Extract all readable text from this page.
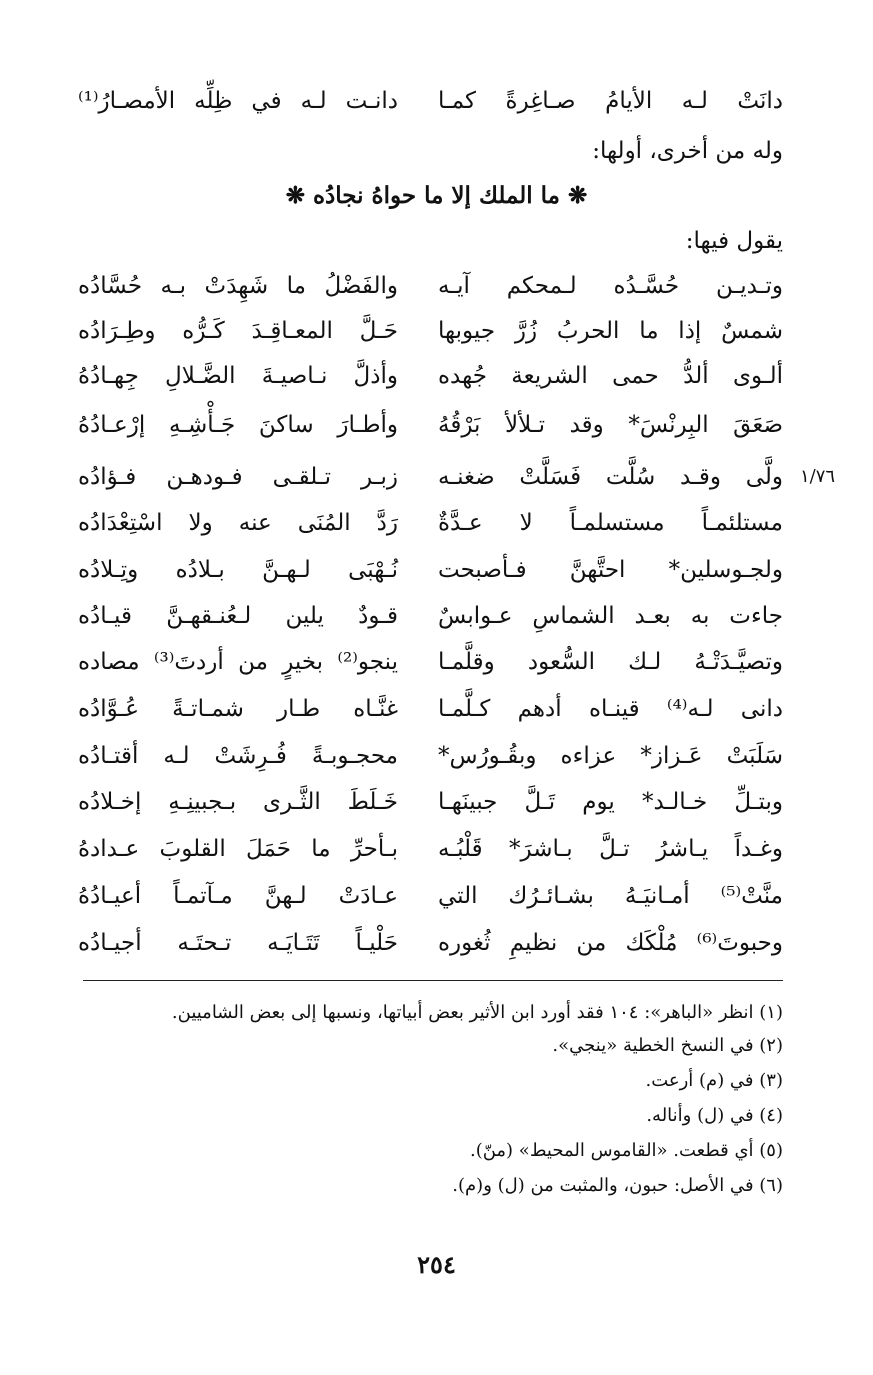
دانَتْ لـه الأيامُ صـاغِرةً كمـا
دانـت لـه في ظِلِّه الأمصـارُ⁽¹⁾
وله من أخرى، أولها:
❋ ما الملك إلا ما حواهُ نجادُه ❋
يقول فيها:
١/٧٦
وتـديـن حُسَّـدُه لـمحكم آيـه
والفَضْلُ ما شَهِدَتْ بـه حُسَّادُه
شمسٌ إذا ما الحربُ زُرَّ جيوبها
حَـلَّ المعـاقِـدَ كَـرُّه وطِـرَادُه
ألـوى ألدُّ حمى الشريعة جُهده
وأذلَّ نـاصيـةَ الضَّـلالِ جِهـادُهُ
صَعَقَ البِرنْسَ* وقد تـلألأ بَرْقُهُ
وأطـارَ ساكنَ جَـأْشِـهِ إرْعـادُهُ
ولَّى وقـد سُلَّت فَسَلَّتْ ضغنـه
زبـر تـلقـى فـودهـن فـؤادُه
مستلئمـاً مستسلمـاً لا عـدَّةٌ
رَدَّ المُنَى عنه ولا اسْتِعْدَادُه
ولجـوسلين* احتَّهنَّ فـأصبحت
نُـهْبَى لـهـنَّ بـلادُه وتِـلادُه
جاءت به بعـد الشماسِ عـوابسٌ
قـودٌ يلين لـعُنـقهـنَّ قيـادُه
وتصيَّـدَتْـهُ لـك السُّعود وقلَّمـا
ينجو⁽²⁾ بخيرٍ من أردتَ⁽³⁾ مصاده
دانى لـه⁽⁴⁾ قينـاه أدهم كـلَّمـا
غنَّـاه طـار شمـاتـةً عُـوَّادُه
سَلَبَتْ عَـزاز* عزاءه وبقُـورُس*
محجـوبـةً فُـرِشَتْ لـه أقتـادُه
وبتـلِّ خـالـد* يوم تَـلَّ جبينَهـا
خَـلَطَ الثَّـرى بـجبينِـهِ إخـلادُه
وغـداً يـاشرُ تـلَّ بـاشرَ* قَلْبُـه
بـأحرِّ ما حَمَلَ القلوبَ عـدادهُ
منَّتْ⁽⁵⁾ أمـانيَـهُ بشـائـرُك التي
عـادَتْ لـهنَّ مـآتمـاً أعيـادُهُ
وحبوتَ⁽⁶⁾ مُلْكَك من نظيمِ ثُغوره
حَلْيـاً تَتَـايَـه تـحتَـه أجيـادُه
(١) انظر «الباهر»: ١٠٤ فقد أورد ابن الأثير بعض أبياتها، ونسبها إلى بعض الشاميين.
(٢) في النسخ الخطية «ينجي».
(٣) في (م) أرعت.
(٤) في (ل) وأناله.
(٥) أي قطعت. «القاموس المحيط» (منّ).
(٦) في الأصل: حبون، والمثبت من (ل) و(م).
٢٥٤
